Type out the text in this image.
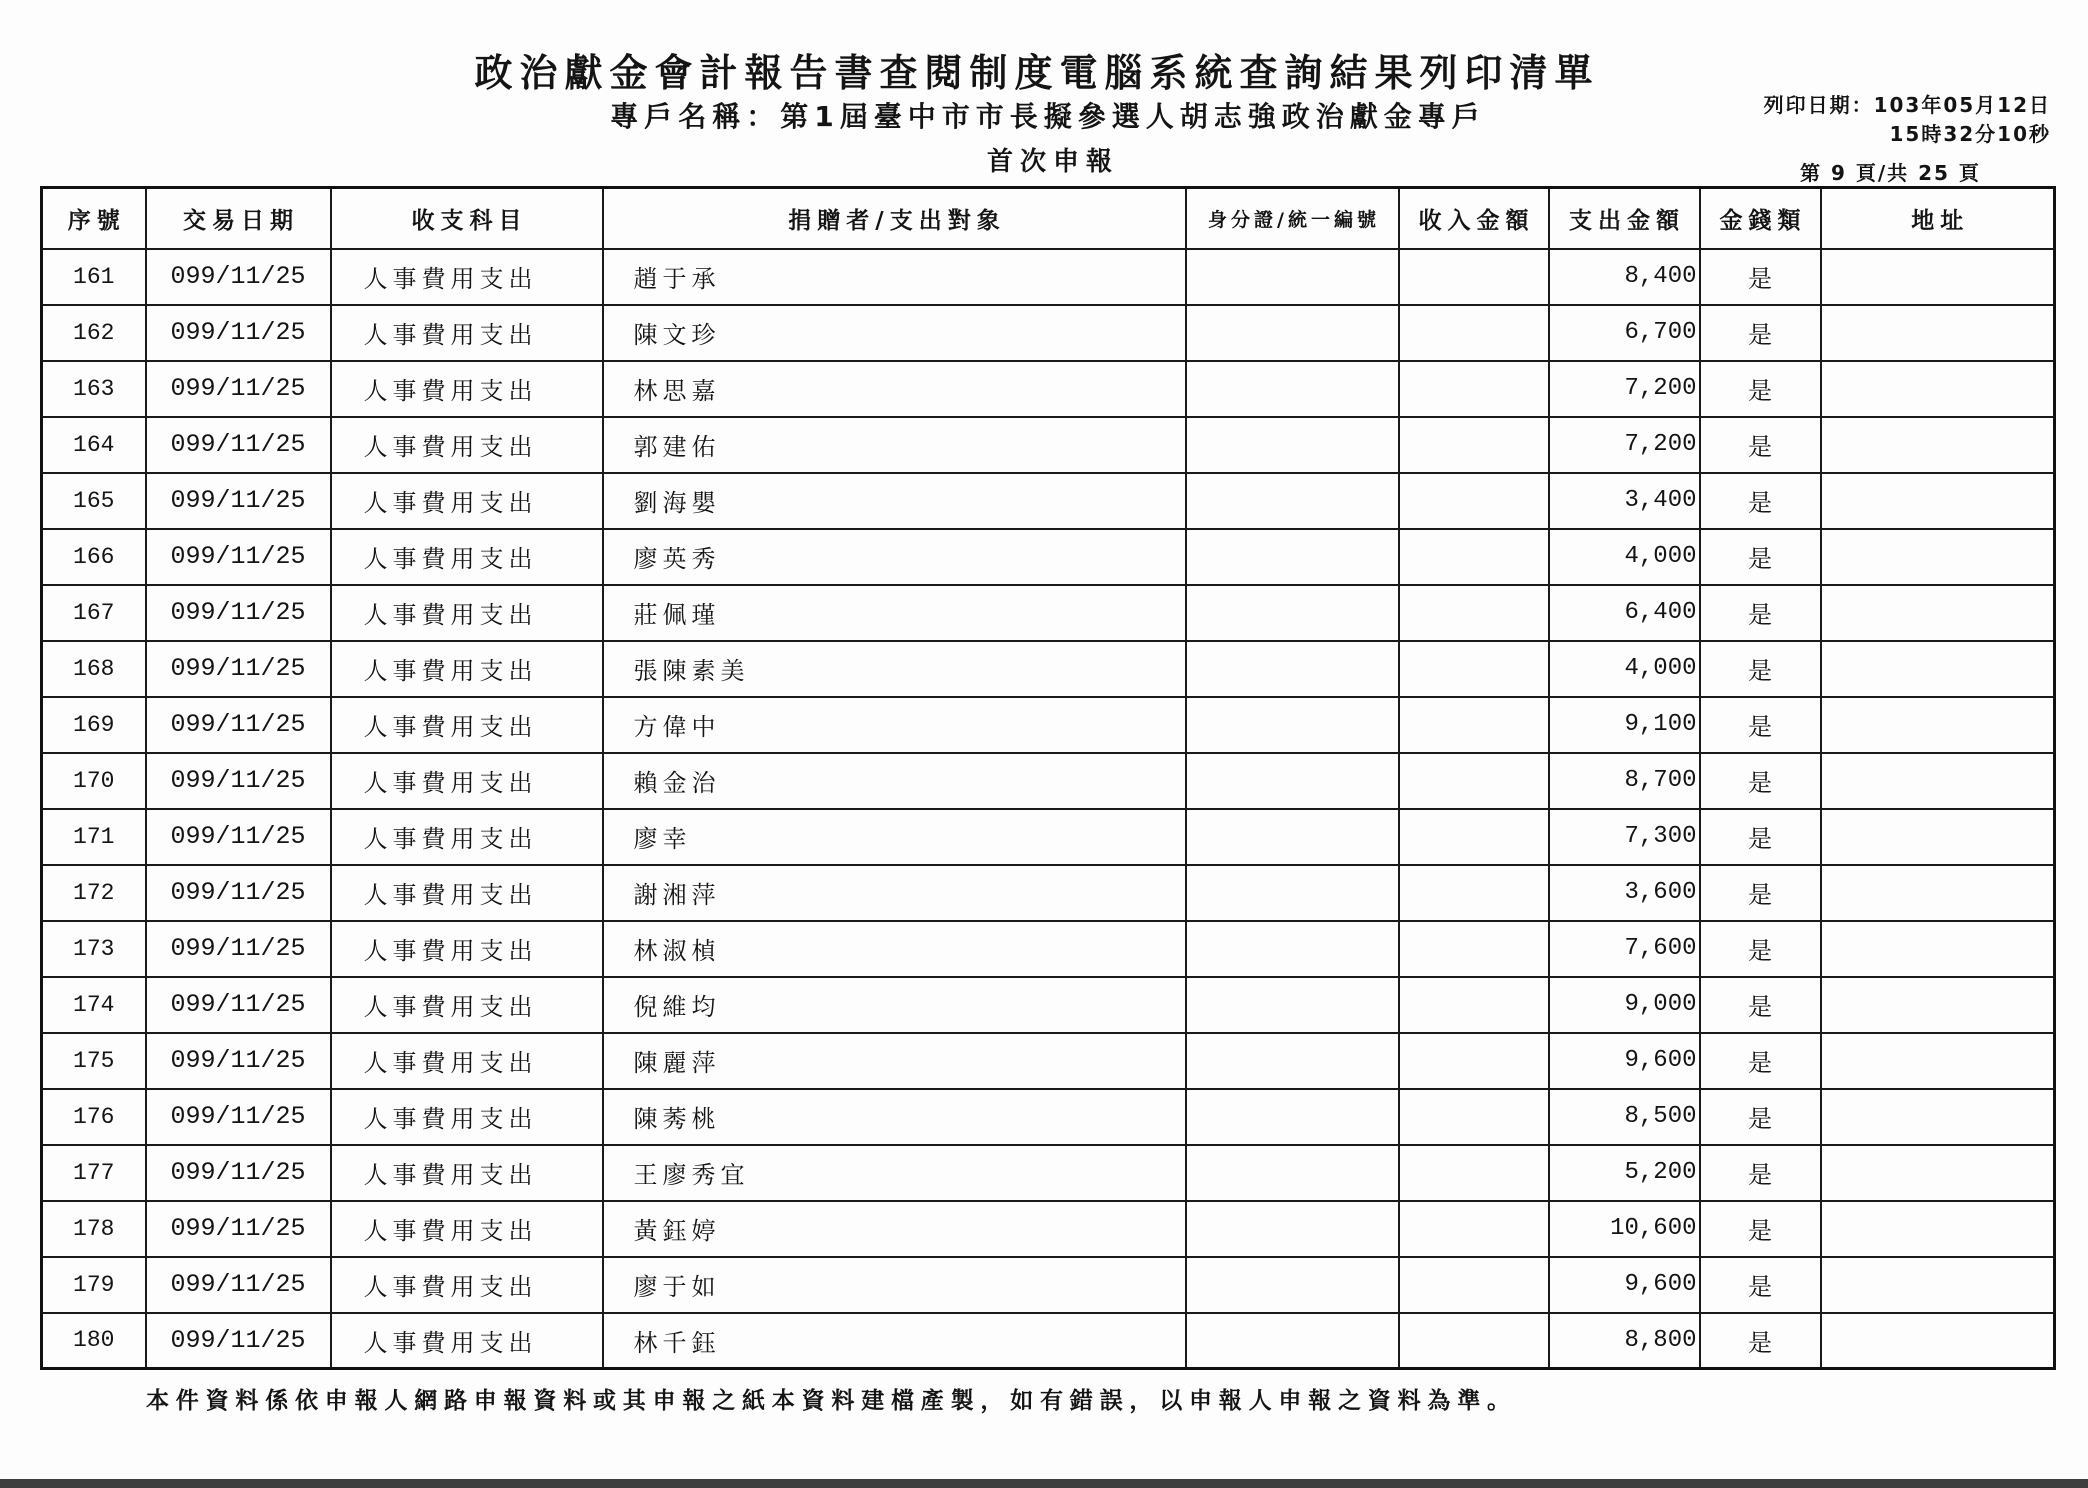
政治獻金會計報告書查閱制度電腦系統查詢結果列印清單
專戶名稱：第1屆臺中市市長擬參選人胡志強政治獻金專戶
首次申報
列印日期：103年05月12日
15時32分10秒
第 9 頁/共 25 頁
序號	交易日期	收支科目	捐贈者/支出對象	身分證/統一編號	收入金額	支出金額	金錢類	地址
161	099/11/25	人事費用支出	趙于承			8,400	是	
162	099/11/25	人事費用支出	陳文珍			6,700	是	
163	099/11/25	人事費用支出	林思嘉			7,200	是	
164	099/11/25	人事費用支出	郭建佑			7,200	是	
165	099/11/25	人事費用支出	劉海嬰			3,400	是	
166	099/11/25	人事費用支出	廖英秀			4,000	是	
167	099/11/25	人事費用支出	莊佩瑾			6,400	是	
168	099/11/25	人事費用支出	張陳素美			4,000	是	
169	099/11/25	人事費用支出	方偉中			9,100	是	
170	099/11/25	人事費用支出	賴金治			8,700	是	
171	099/11/25	人事費用支出	廖幸			7,300	是	
172	099/11/25	人事費用支出	謝湘萍			3,600	是	
173	099/11/25	人事費用支出	林淑楨			7,600	是	
174	099/11/25	人事費用支出	倪維均			9,000	是	
175	099/11/25	人事費用支出	陳麗萍			9,600	是	
176	099/11/25	人事費用支出	陳莠桃			8,500	是	
177	099/11/25	人事費用支出	王廖秀宜			5,200	是	
178	099/11/25	人事費用支出	黃鈺婷			10,600	是	
179	099/11/25	人事費用支出	廖于如			9,600	是	
180	099/11/25	人事費用支出	林千鈺			8,800	是	
本件資料係依申報人網路申報資料或其申報之紙本資料建檔產製，如有錯誤，以申報人申報之資料為準。
